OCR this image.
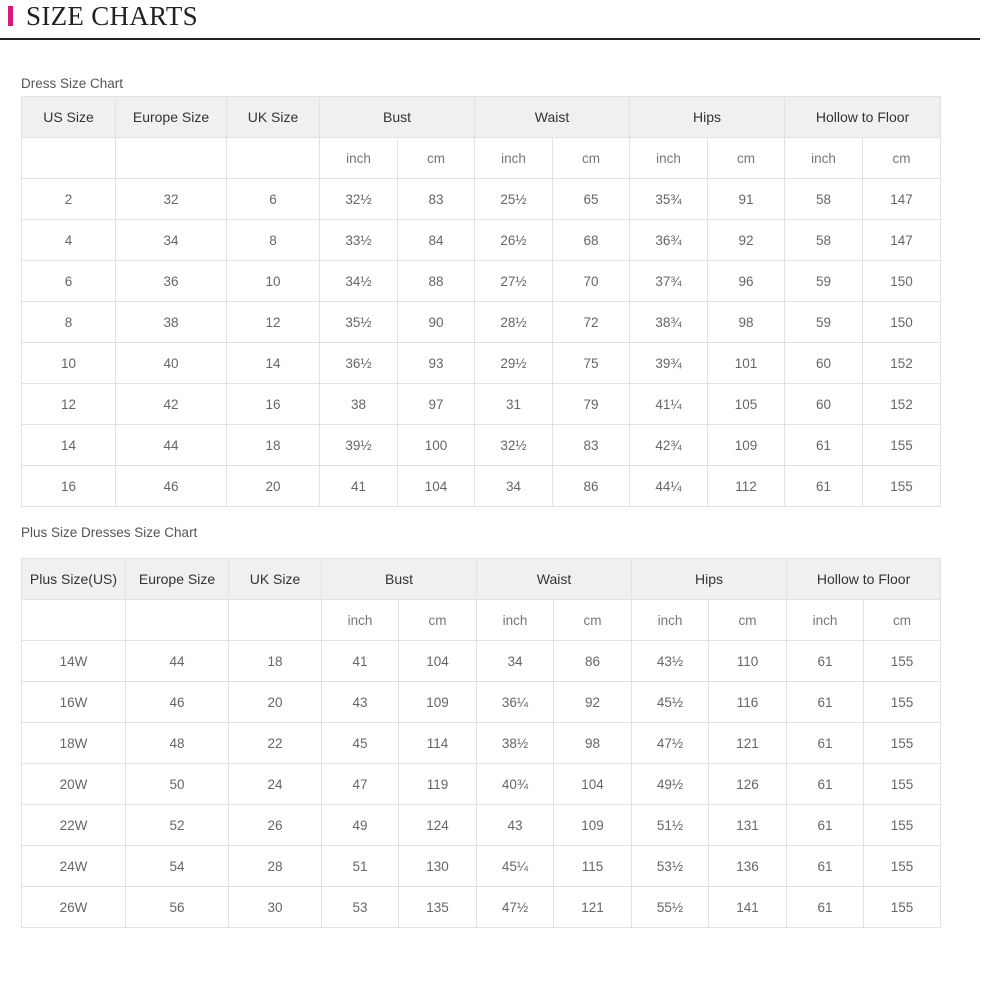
SIZE CHARTS
Dress Size Chart
US Size	Europe Size	UK Size	Bust		Waist		Hips		Hollow to Floor	
			inch	cm	inch	cm	inch	cm	inch	cm
2	32	6	32½	83	25½	65	35¾	91	58	147
4	34	8	33½	84	26½	68	36¾	92	58	147
6	36	10	34½	88	27½	70	37¾	96	59	150
8	38	12	35½	90	28½	72	38¾	98	59	150
10	40	14	36½	93	29½	75	39¾	101	60	152
12	42	16	38	97	31	79	41¼	105	60	152
14	44	18	39½	100	32½	83	42¾	109	61	155
16	46	20	41	104	34	86	44¼	112	61	155
Plus Size Dresses Size Chart
Plus Size(US)	Europe Size	UK Size	Bust		Waist		Hips		Hollow to Floor	
			inch	cm	inch	cm	inch	cm	inch	cm
14W	44	18	41	104	34	86	43½	110	61	155
16W	46	20	43	109	36¼	92	45½	116	61	155
18W	48	22	45	114	38½	98	47½	121	61	155
20W	50	24	47	119	40¾	104	49½	126	61	155
22W	52	26	49	124	43	109	51½	131	61	155
24W	54	28	51	130	45¼	115	53½	136	61	155
26W	56	30	53	135	47½	121	55½	141	61	155
